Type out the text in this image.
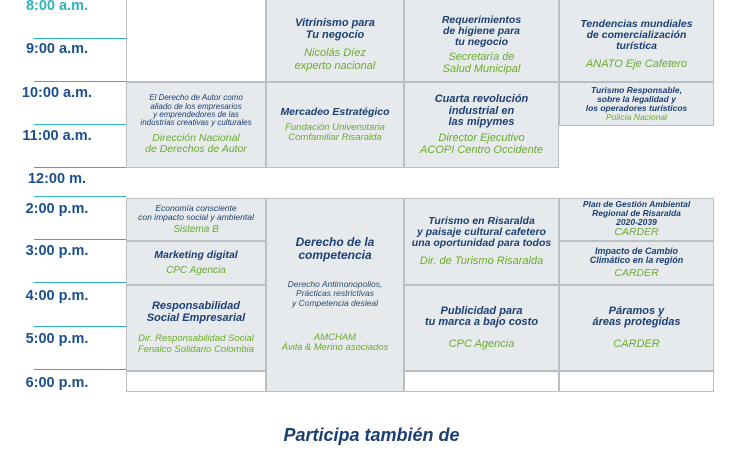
8:00 a.m.
9:00 a.m.
10:00 a.m.
11:00 a.m.
12:00 m.
2:00 p.m.
3:00 p.m.
4:00 p.m.
5:00 p.m.
6:00 p.m.
El Derecho de Autor como
aliado de los empresarios
y emprendedores de las
industrias creativas y culturales
Dirección Nacional
de Derechos de Autor
Economía consciente
con impacto social y ambiental
Sistema B
Marketing digital
CPC Agencia
Responsabilidad
Social Empresarial
Dir. Responsabilidad Social
Fenalco Solidario Colombia
Vitrinismo para
Tu negocio
Nicolás Díez
experto nacional
Mercadeo Estratégico
Fundación Universitaria
Comfamiliar Risaralda
Derecho de la
competencia
Derecho Antimonopolios,
Prácticas restrictivas
y Competencia desleal
AMCHAM
Ávila & Merino asociados
Requerimientos
de higiene para
tu negocio
Secretaría de
Salud Municipal
Cuarta revolución
industrial en
las mipymes
Director Ejecutivo
ACOPI Centro Occidente
Turismo en Risaralda
y paisaje cultural cafetero
una oportunidad para todos
Dir. de Turismo Risaralda
Publicidad para
tu marca a bajo costo
CPC Agencia
Tendencias mundiales
de comercialización
turística
ANATO Eje Cafetero
Turismo Responsable,
sobre la legalidad y
los operadores turísticos
Policía Nacional
Plan de Gestión Ambiental
Regional de Risaralda
2020-2039
CARDER
Impacto de Cambio
Climático en la región
CARDER
Páramos y
áreas protegidas
CARDER
Participa también de
